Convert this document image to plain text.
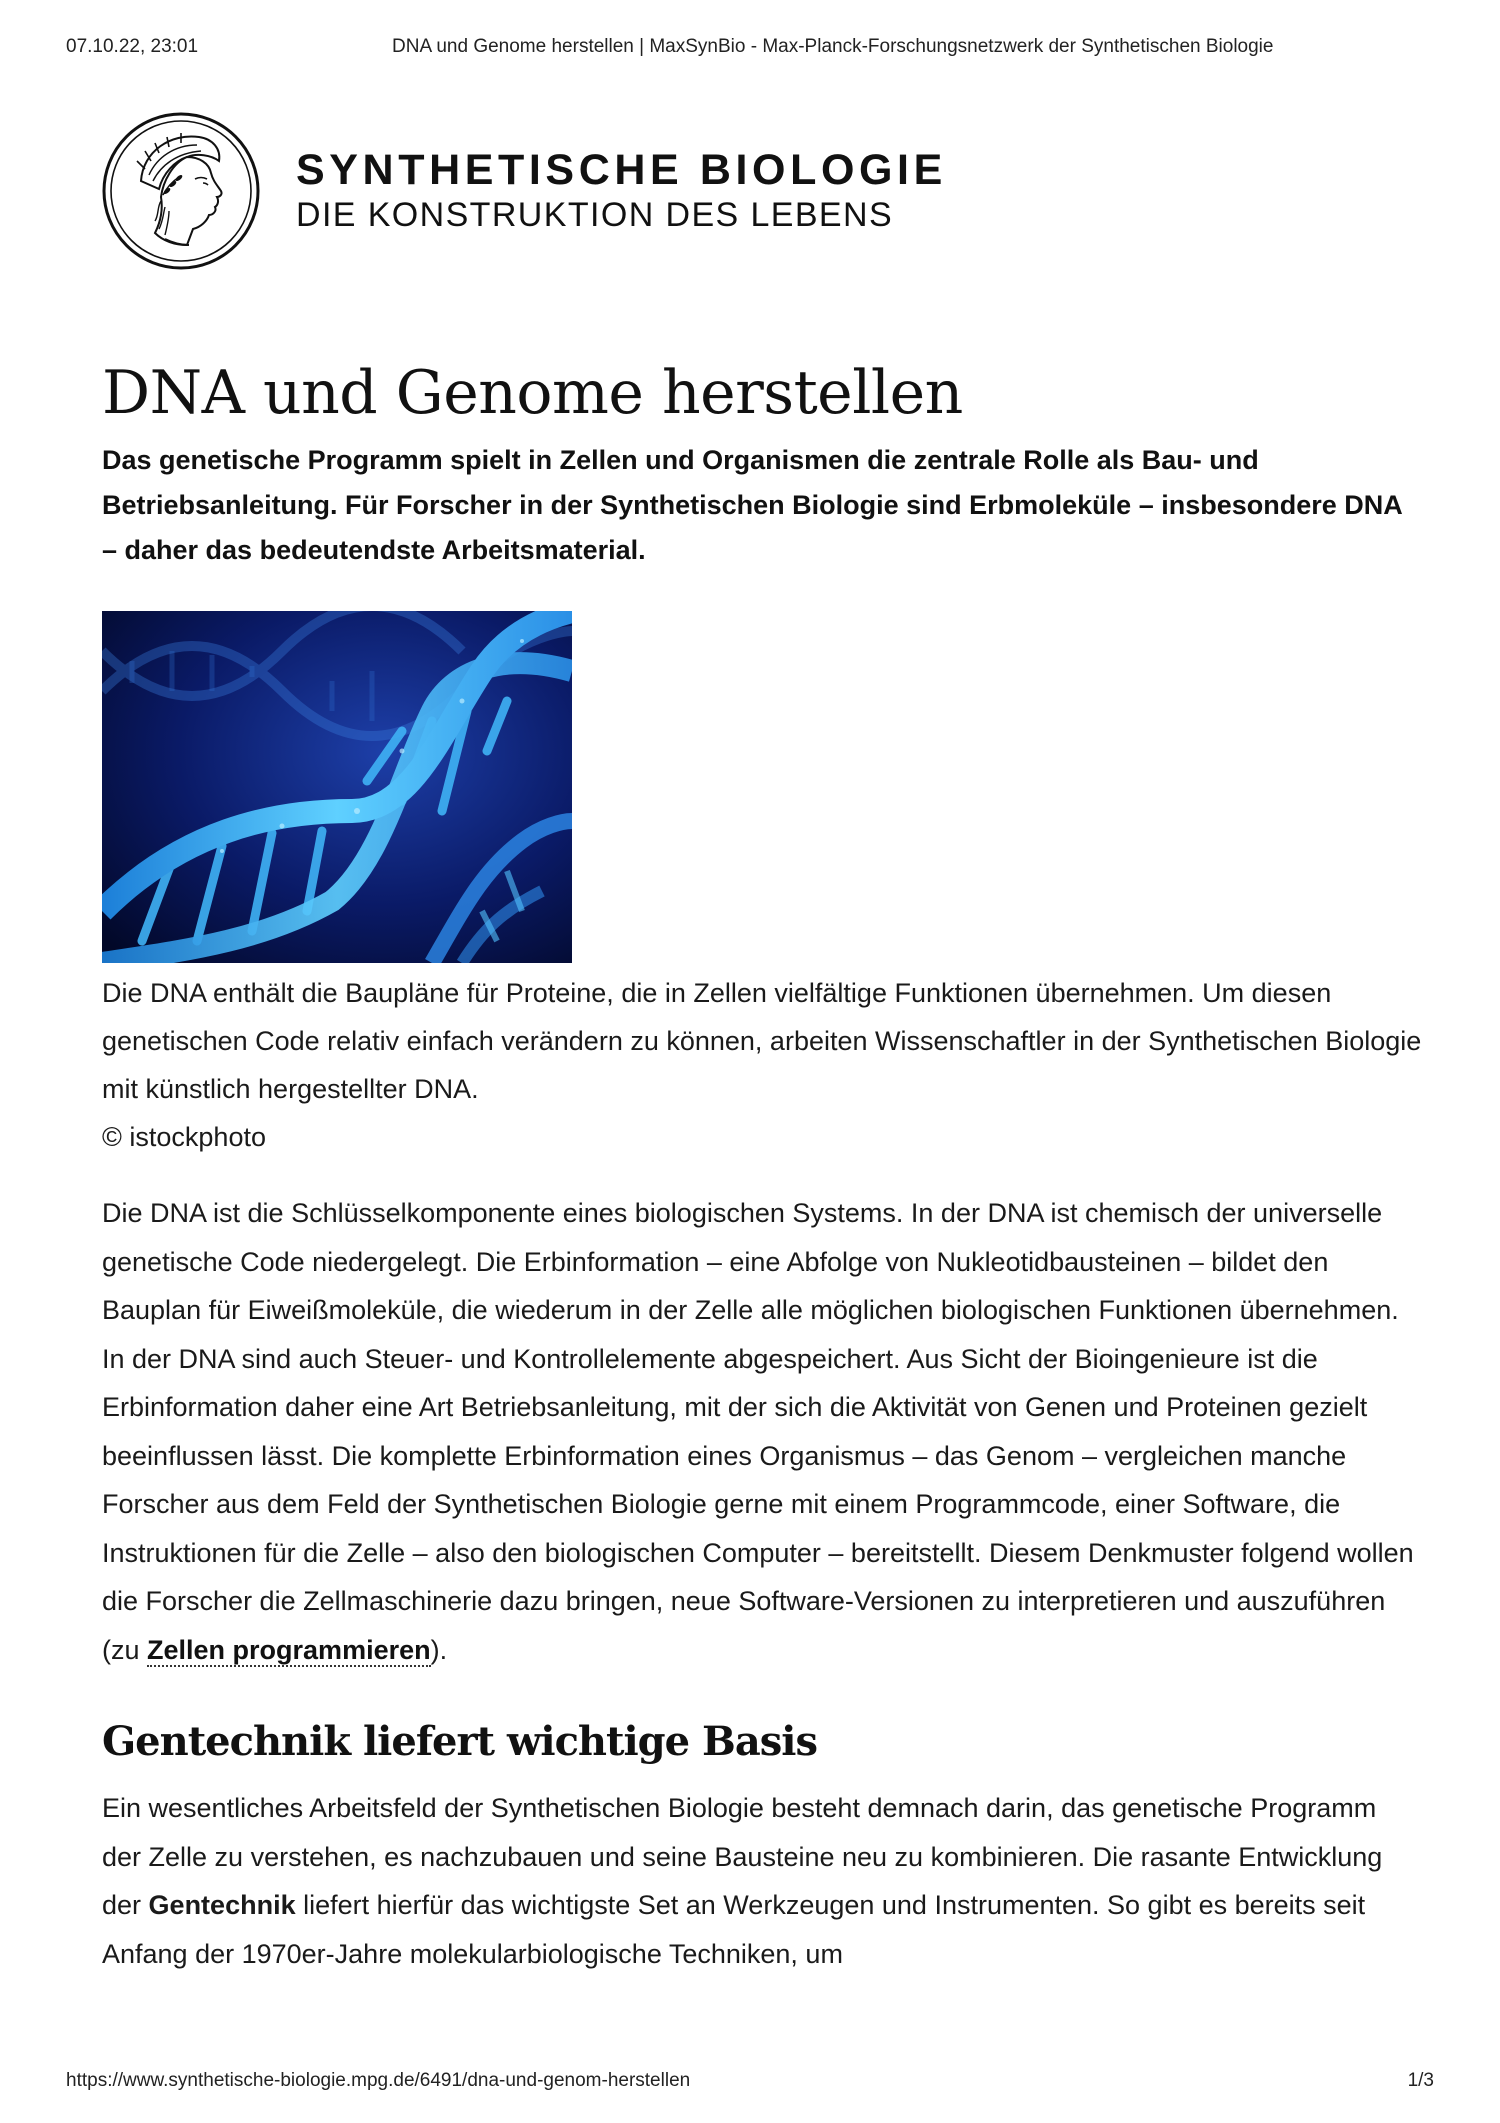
07.10.22, 23:01	DNA und Genome herstellen | MaxSynBio - Max-Planck-Forschungsnetzwerk der Synthetischen Biologie
SYNTHETISCHE BIOLOGIE
DIE KONSTRUKTION DES LEBENS
DNA und Genome herstellen

Das genetische Programm spielt in Zellen und Organismen die zentrale Rolle als Bau- und Betriebsanleitung. Für Forscher in der Synthetischen Biologie sind Erbmoleküle – insbesondere DNA – daher das bedeutendste Arbeitsmaterial.

Die DNA enthält die Baupläne für Proteine, die in Zellen vielfältige Funktionen übernehmen. Um diesen genetischen Code relativ einfach verändern zu können, arbeiten Wissenschaftler in der Synthetischen Biologie mit künstlich hergestellter DNA.

© istockphoto

Die DNA ist die Schlüsselkomponente eines biologischen Systems. In der DNA ist chemisch der universelle genetische Code niedergelegt. Die Erbinformation – eine Abfolge von Nukleotidbausteinen – bildet den Bauplan für Eiweißmoleküle, die wiederum in der Zelle alle möglichen biologischen Funktionen übernehmen. In der DNA sind auch Steuer- und Kontrollelemente abgespeichert. Aus Sicht der Bioingenieure ist die Erbinformation daher eine Art Betriebsanleitung, mit der sich die Aktivität von Genen und Proteinen gezielt beeinflussen lässt. Die komplette Erbinformation eines Organismus – das Genom – vergleichen manche Forscher aus dem Feld der Synthetischen Biologie gerne mit einem Programmcode, einer Software, die Instruktionen für die Zelle – also den biologischen Computer – bereitstellt. Diesem Denkmuster folgend wollen die Forscher die Zellmaschinerie dazu bringen, neue Software-Versionen zu interpretieren und auszuführen (zu Zellen programmieren).

Gentechnik liefert wichtige Basis

Ein wesentliches Arbeitsfeld der Synthetischen Biologie besteht demnach darin, das genetische Programm der Zelle zu verstehen, es nachzubauen und seine Bausteine neu zu kombinieren. Die rasante Entwicklung der Gentechnik liefert hierfür das wichtigste Set an Werkzeugen und Instrumenten. So gibt es bereits seit Anfang der 1970er-Jahre molekularbiologische Techniken, um

https://www.synthetische-biologie.mpg.de/6491/dna-und-genom-herstellen	1/3
